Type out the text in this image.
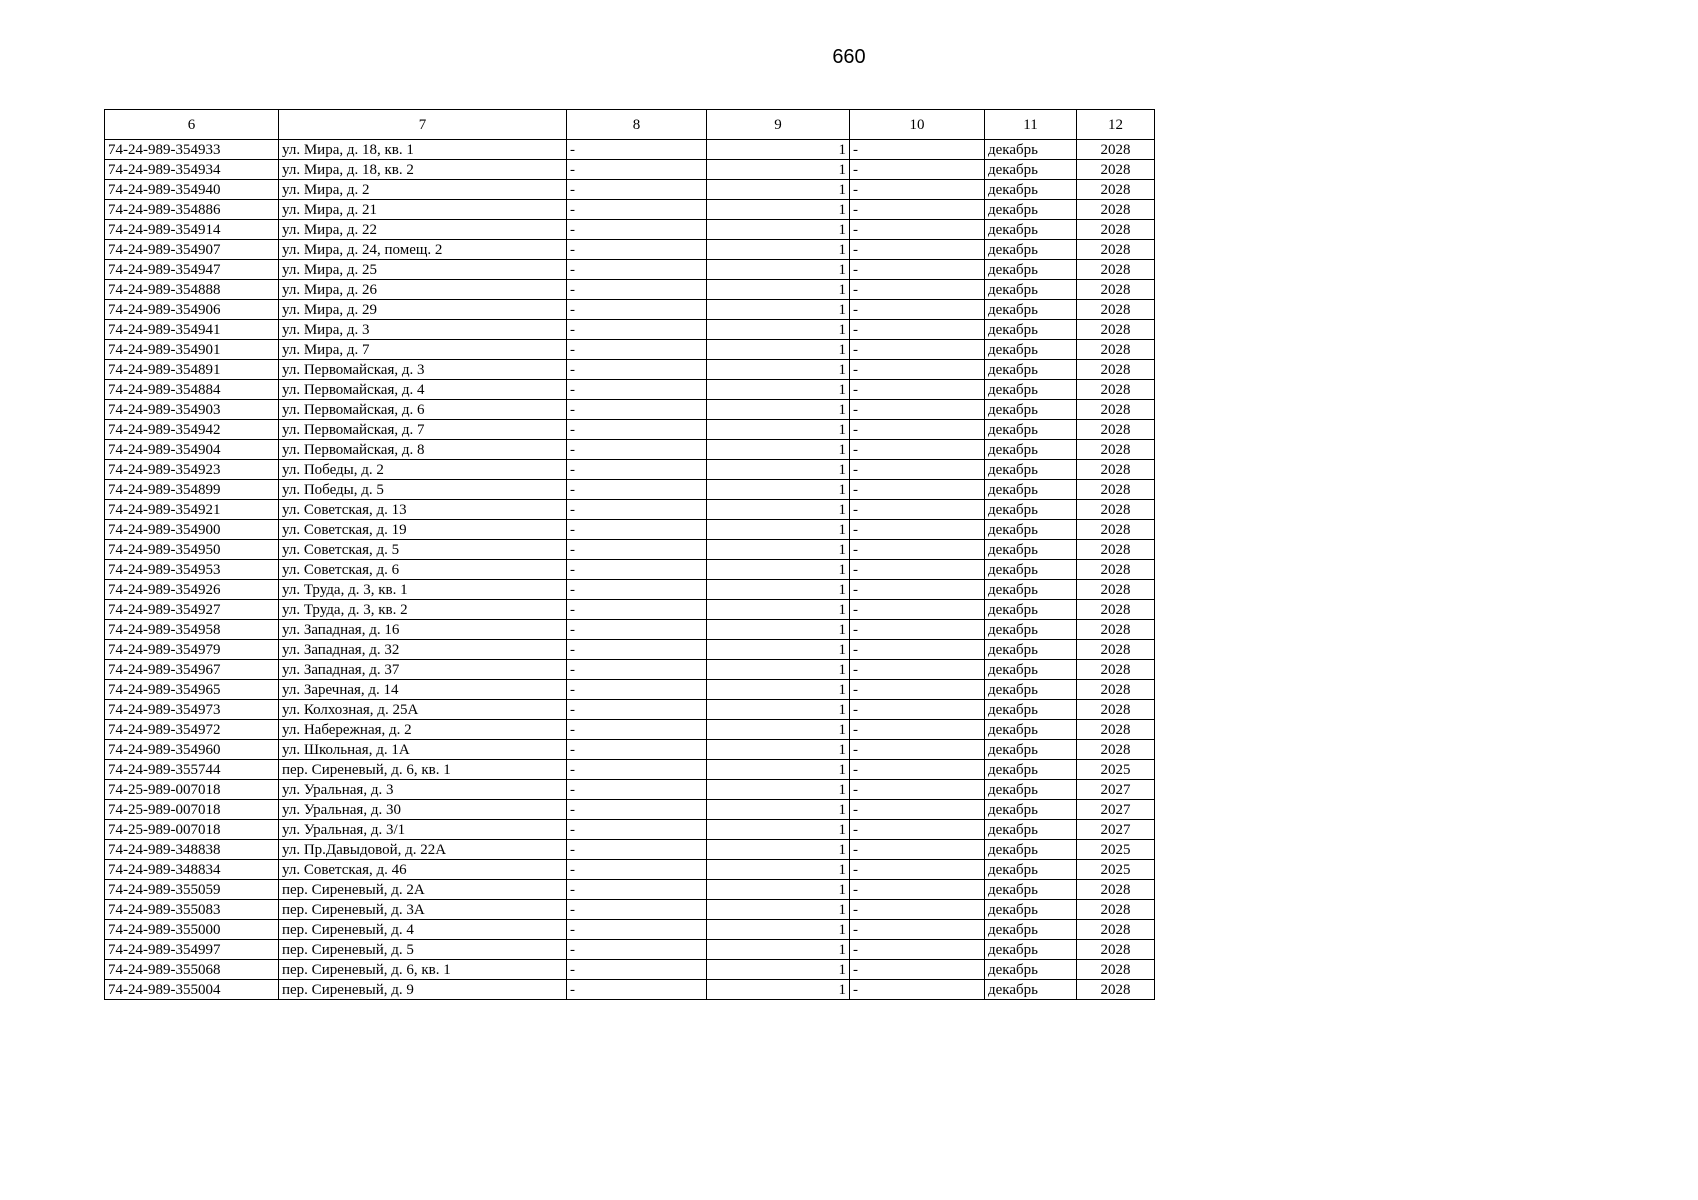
660
6	7	8	9	10	11	12
74-24-989-354933	ул. Мира, д. 18, кв. 1	-	1	-	декабрь	2028
74-24-989-354934	ул. Мира, д. 18, кв. 2	-	1	-	декабрь	2028
74-24-989-354940	ул. Мира, д. 2	-	1	-	декабрь	2028
74-24-989-354886	ул. Мира, д. 21	-	1	-	декабрь	2028
74-24-989-354914	ул. Мира, д. 22	-	1	-	декабрь	2028
74-24-989-354907	ул. Мира, д. 24, помещ. 2	-	1	-	декабрь	2028
74-24-989-354947	ул. Мира, д. 25	-	1	-	декабрь	2028
74-24-989-354888	ул. Мира, д. 26	-	1	-	декабрь	2028
74-24-989-354906	ул. Мира, д. 29	-	1	-	декабрь	2028
74-24-989-354941	ул. Мира, д. 3	-	1	-	декабрь	2028
74-24-989-354901	ул. Мира, д. 7	-	1	-	декабрь	2028
74-24-989-354891	ул. Первомайская, д. 3	-	1	-	декабрь	2028
74-24-989-354884	ул. Первомайская, д. 4	-	1	-	декабрь	2028
74-24-989-354903	ул. Первомайская, д. 6	-	1	-	декабрь	2028
74-24-989-354942	ул. Первомайская, д. 7	-	1	-	декабрь	2028
74-24-989-354904	ул. Первомайская, д. 8	-	1	-	декабрь	2028
74-24-989-354923	ул. Победы, д. 2	-	1	-	декабрь	2028
74-24-989-354899	ул. Победы, д. 5	-	1	-	декабрь	2028
74-24-989-354921	ул. Советская, д. 13	-	1	-	декабрь	2028
74-24-989-354900	ул. Советская, д. 19	-	1	-	декабрь	2028
74-24-989-354950	ул. Советская, д. 5	-	1	-	декабрь	2028
74-24-989-354953	ул. Советская, д. 6	-	1	-	декабрь	2028
74-24-989-354926	ул. Труда, д. 3, кв. 1	-	1	-	декабрь	2028
74-24-989-354927	ул. Труда, д. 3, кв. 2	-	1	-	декабрь	2028
74-24-989-354958	ул. Западная, д. 16	-	1	-	декабрь	2028
74-24-989-354979	ул. Западная, д. 32	-	1	-	декабрь	2028
74-24-989-354967	ул. Западная, д. 37	-	1	-	декабрь	2028
74-24-989-354965	ул. Заречная, д. 14	-	1	-	декабрь	2028
74-24-989-354973	ул. Колхозная, д. 25А	-	1	-	декабрь	2028
74-24-989-354972	ул. Набережная, д. 2	-	1	-	декабрь	2028
74-24-989-354960	ул. Школьная, д. 1А	-	1	-	декабрь	2028
74-24-989-355744	пер. Сиреневый, д. 6, кв. 1	-	1	-	декабрь	2025
74-25-989-007018	ул. Уральная, д. 3	-	1	-	декабрь	2027
74-25-989-007018	ул. Уральная, д. 30	-	1	-	декабрь	2027
74-25-989-007018	ул. Уральная, д. 3/1	-	1	-	декабрь	2027
74-24-989-348838	ул. Пр.Давыдовой, д. 22А	-	1	-	декабрь	2025
74-24-989-348834	ул. Советская, д. 46	-	1	-	декабрь	2025
74-24-989-355059	пер. Сиреневый, д. 2А	-	1	-	декабрь	2028
74-24-989-355083	пер. Сиреневый, д. 3А	-	1	-	декабрь	2028
74-24-989-355000	пер. Сиреневый, д. 4	-	1	-	декабрь	2028
74-24-989-354997	пер. Сиреневый, д. 5	-	1	-	декабрь	2028
74-24-989-355068	пер. Сиреневый, д. 6, кв. 1	-	1	-	декабрь	2028
74-24-989-355004	пер. Сиреневый, д. 9	-	1	-	декабрь	2028
